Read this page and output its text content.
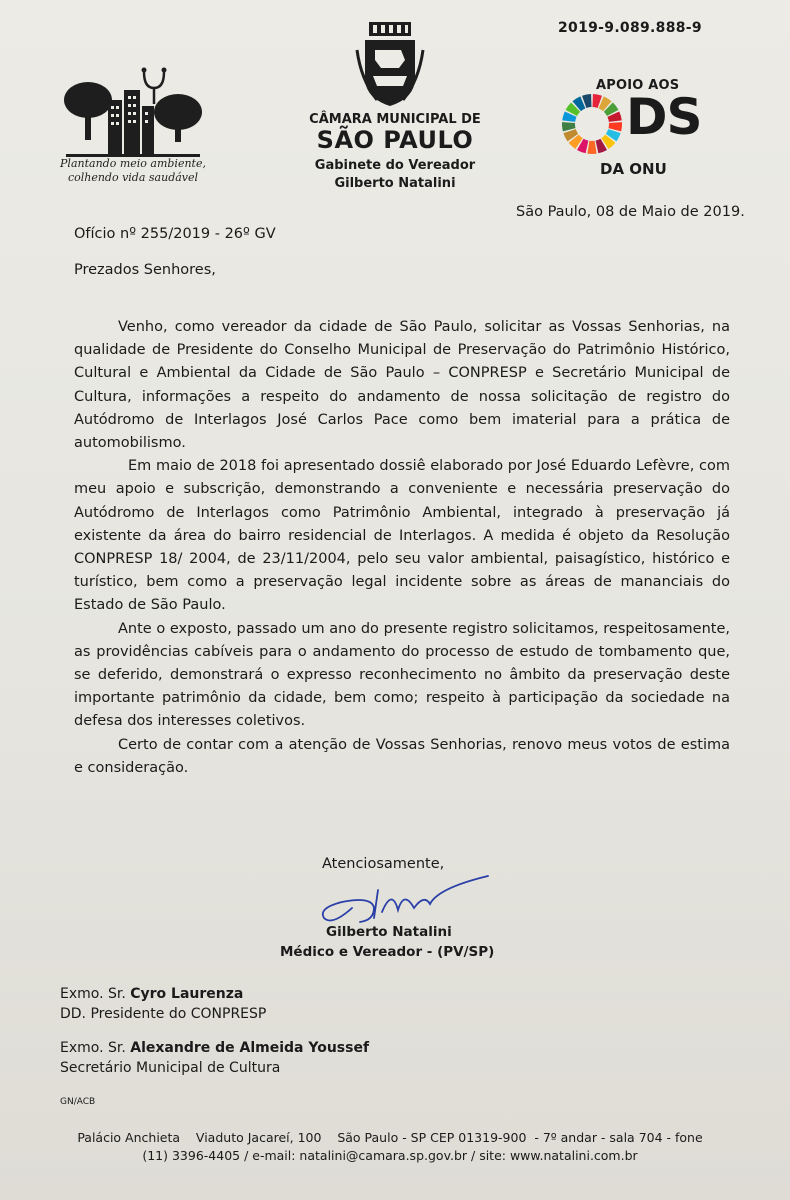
2019-9.089.888-9
Plantando meio ambiente,
colhendo vida saudável
CÂMARA MUNICIPAL DE
SÃO PAULO
Gabinete do Vereador
Gilberto Natalini
APOIO AOS
DS
DA ONU
São Paulo, 08 de Maio de 2019.
Ofício nº 255/2019 - 26º GV
Prezados Senhores,

Venho, como vereador da cidade de São Paulo, solicitar as Vossas Senhorias, na qualidade de Presidente do Conselho Municipal de Preservação do Patrimônio Histórico, Cultural e Ambiental da Cidade de São Paulo – CONPRESP e Secretário Municipal de Cultura, informações a respeito do andamento de nossa solicitação de registro do Autódromo de Interlagos José Carlos Pace como bem imaterial para a prática de automobilismo.

Em maio de 2018 foi apresentado dossiê elaborado por José Eduardo Lefèvre, com meu apoio e subscrição, demonstrando a conveniente e necessária preservação do Autódromo de Interlagos como Patrimônio Ambiental, integrado à preservação já existente da área do bairro residencial de Interlagos. A medida é objeto da Resolução CONPRESP 18/ 2004, de 23/11/2004, pelo seu valor ambiental, paisagístico, histórico e turístico, bem como a preservação legal incidente sobre as áreas de mananciais do Estado de São Paulo.

Ante o exposto, passado um ano do presente registro solicitamos, respeitosamente, as providências cabíveis para o andamento do processo de estudo de tombamento que, se deferido, demonstrará o expresso reconhecimento no âmbito da preservação deste importante patrimônio da cidade, bem como; respeito à participação da sociedade na defesa dos interesses coletivos.

Certo de contar com a atenção de Vossas Senhorias, renovo meus votos de estima e consideração.

Atenciosamente,
Gilberto Natalini
Médico e Vereador - (PV/SP)
Exmo. Sr. Cyro Laurenza
DD. Presidente do CONPRESP
Exmo. Sr. Alexandre de Almeida Youssef
Secretário Municipal de Cultura
GN/ACB
Palácio Anchieta    Viaduto Jacareí, 100    São Paulo - SP CEP 01319-900  - 7º andar - sala 704 - fone
(11) 3396-4405 / e-mail: natalini@camara.sp.gov.br / site: www.natalini.com.br
